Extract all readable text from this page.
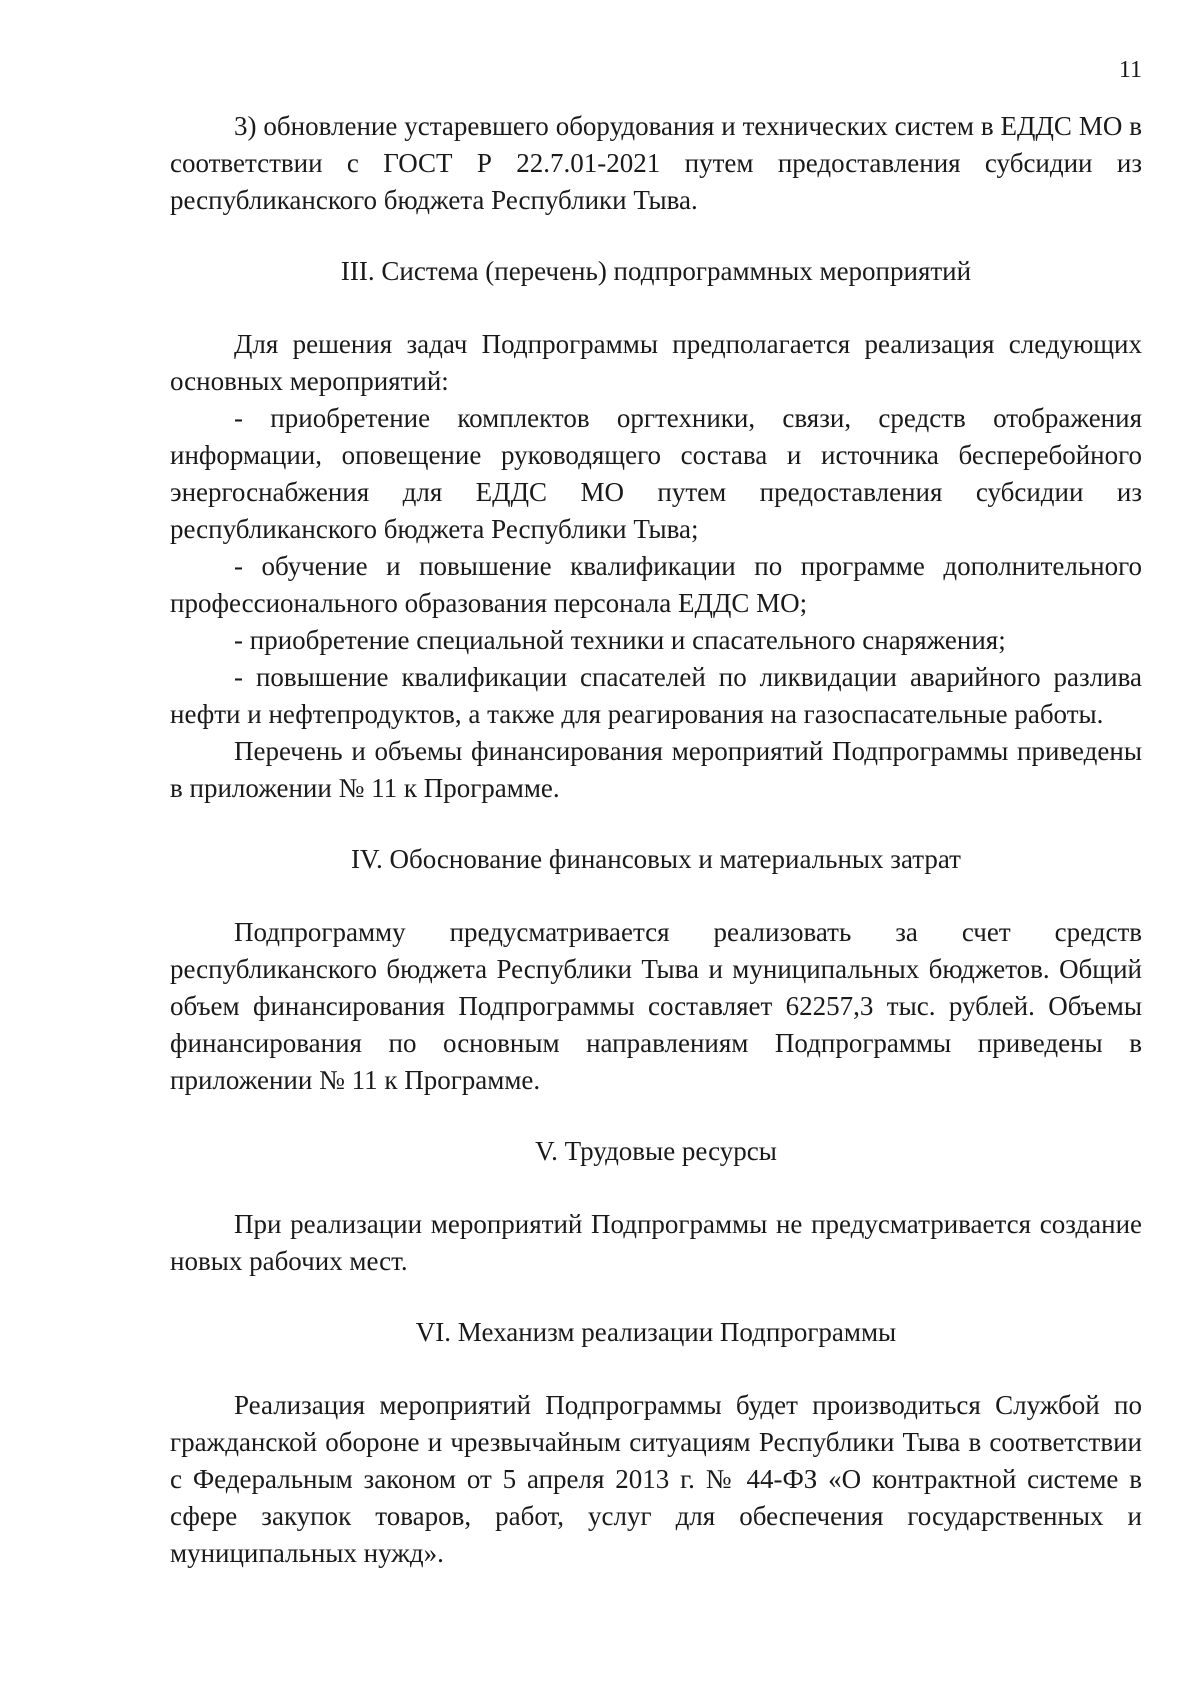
11

3) обновление устаревшего оборудования и технических систем в ЕДДС МО в соответствии с ГОСТ Р 22.7.01-2021 путем предоставления субсидии из республиканского бюджета Республики Тыва.

III. Система (перечень) подпрограммных мероприятий

Для решения задач Подпрограммы предполагается реализация следующих основных мероприятий:

- приобретение комплектов оргтехники, связи, средств отображения информации, оповещение руководящего состава и источника бесперебойного энергоснабжения для ЕДДС МО путем предоставления субсидии из республиканского бюджета Республики Тыва;

- обучение и повышение квалификации по программе дополнительного профессионального образования персонала ЕДДС МО;

- приобретение специальной техники и спасательного снаряжения;

- повышение квалификации спасателей по ликвидации аварийного разлива нефти и нефтепродуктов, а также для реагирования на газоспасательные работы.

Перечень и объемы финансирования мероприятий Подпрограммы приведены в приложении № 11 к Программе.

IV. Обоснование финансовых и материальных затрат

Подпрограмму предусматривается реализовать за счет средств республиканского бюджета Республики Тыва и муниципальных бюджетов. Общий объем финансирования Подпрограммы составляет 62257,3 тыс. рублей. Объемы финансирования по основным направлениям Подпрограммы приведены в приложении № 11 к Программе.

V. Трудовые ресурсы

При реализации мероприятий Подпрограммы не предусматривается создание новых рабочих мест.

VI. Механизм реализации Подпрограммы

Реализация мероприятий Подпрограммы будет производиться Службой по гражданской обороне и чрезвычайным ситуациям Республики Тыва в соответствии с Федеральным законом от 5 апреля 2013 г. № 44-ФЗ «О контрактной системе в сфере закупок товаров, работ, услуг для обеспечения государственных и муниципальных нужд».
